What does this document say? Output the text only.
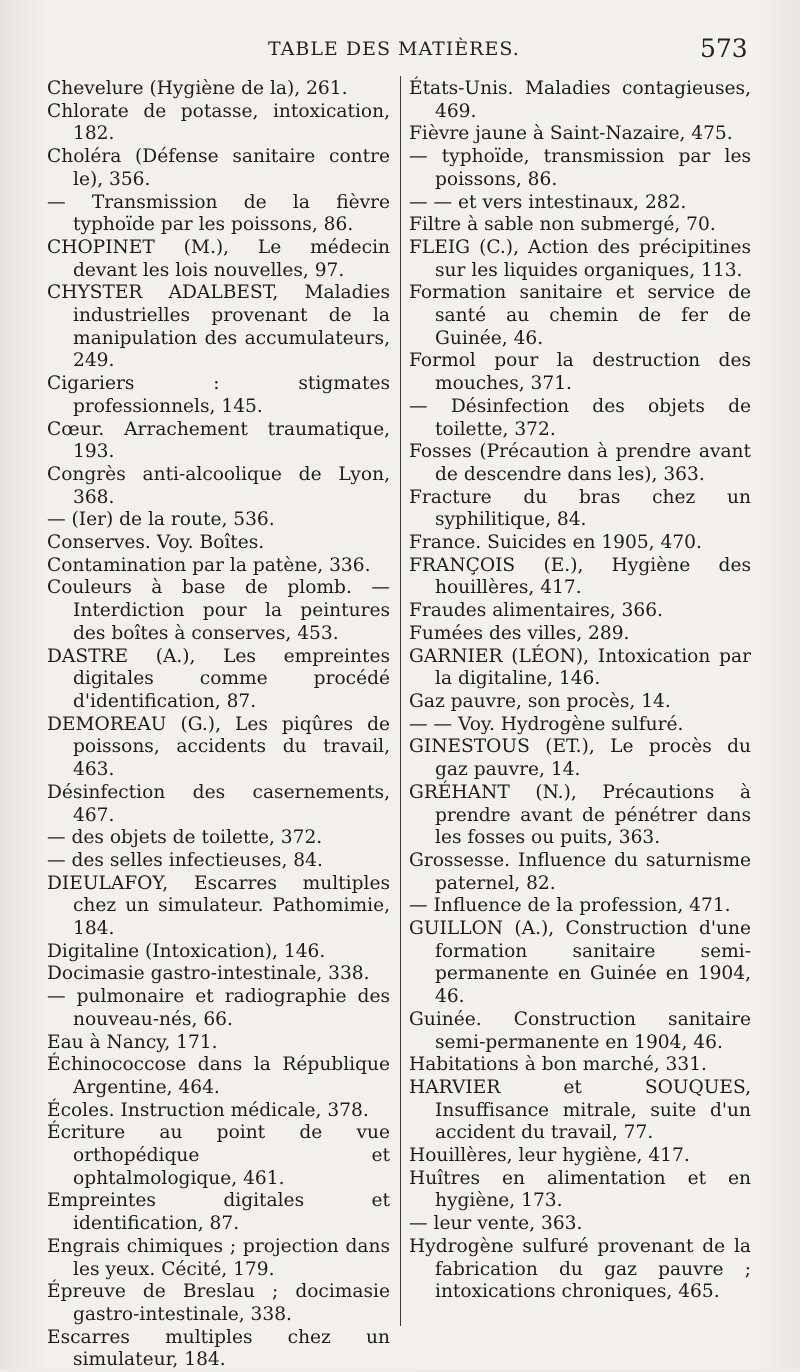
TABLE DES MATIÈRES.	573

Chevelure (Hygiène de la), 261.

Chlorate de potasse, intoxication, 182.

Choléra (Défense sanitaire contre le), 356.

— Transmission de la fièvre typhoïde par les poissons, 86.

CHOPINET (M.), Le médecin devant les lois nouvelles, 97.

CHYSTER ADALBEST, Maladies industrielles provenant de la manipulation des accumulateurs, 249.

Cigariers : stigmates professionnels, 145.

Cœur. Arrachement traumatique, 193.

Congrès anti-alcoolique de Lyon, 368.

— (Ier) de la route, 536.

Conserves. Voy. Boîtes.

Contamination par la patène, 336.

Couleurs à base de plomb. — Interdiction pour la peintures des boîtes à conserves, 453.

DASTRE (A.), Les empreintes digitales comme procédé d'identification, 87.

DEMOREAU (G.), Les piqûres de poissons, accidents du travail, 463.

Désinfection des casernements, 467.

— des objets de toilette, 372.

— des selles infectieuses, 84.

DIEULAFOY, Escarres multiples chez un simulateur. Pathomimie, 184.

Digitaline (Intoxication), 146.

Docimasie gastro-intestinale, 338.

— pulmonaire et radiographie des nouveau-nés, 66.

Eau à Nancy, 171.

Échinococcose dans la République Argentine, 464.

Écoles. Instruction médicale, 378.

Écriture au point de vue orthopédique et ophtalmologique, 461.

Empreintes digitales et identification, 87.

Engrais chimiques ; projection dans les yeux. Cécité, 179.

Épreuve de Breslau ; docimasie gastro-intestinale, 338.

Escarres multiples chez un simulateur, 184.

États-Unis. Maladies contagieuses, 469.

Fièvre jaune à Saint-Nazaire, 475.

— typhoïde, transmission par les poissons, 86.

— — et vers intestinaux, 282.

Filtre à sable non submergé, 70.

FLEIG (C.), Action des précipitines sur les liquides organiques, 113.

Formation sanitaire et service de santé au chemin de fer de Guinée, 46.

Formol pour la destruction des mouches, 371.

— Désinfection des objets de toilette, 372.

Fosses (Précaution à prendre avant de descendre dans les), 363.

Fracture du bras chez un syphilitique, 84.

France. Suicides en 1905, 470.

FRANÇOIS (E.), Hygiène des houillères, 417.

Fraudes alimentaires, 366.

Fumées des villes, 289.

GARNIER (LÉON), Intoxication par la digitaline, 146.

Gaz pauvre, son procès, 14.

— — Voy. Hydrogène sulfuré.

GINESTOUS (ET.), Le procès du gaz pauvre, 14.

GRÉHANT (N.), Précautions à prendre avant de pénétrer dans les fosses ou puits, 363.

Grossesse. Influence du saturnisme paternel, 82.

— Influence de la profession, 471.

GUILLON (A.), Construction d'une formation sanitaire semi-permanente en Guinée en 1904, 46.

Guinée. Construction sanitaire semi-permanente en 1904, 46.

Habitations à bon marché, 331.

HARVIER et SOUQUES, Insuffisance mitrale, suite d'un accident du travail, 77.

Houillères, leur hygiène, 417.

Huîtres en alimentation et en hygiène, 173.

— leur vente, 363.

Hydrogène sulfuré provenant de la fabrication du gaz pauvre ; intoxications chroniques, 465.
